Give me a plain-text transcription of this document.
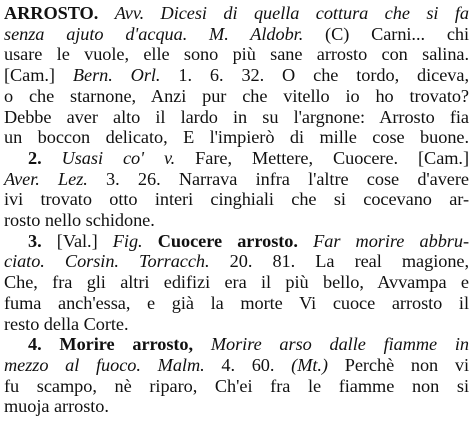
ARROSTO. Avv. Dicesi di quella cottura che si fa
senza ajuto d'acqua. M. Aldobr. (C) Carni... chi
usare le vuole, elle sono più sane arrosto con salina.
[Cam.] Bern. Orl. 1. 6. 32. O che tordo, diceva,
o che starnone, Anzi pur che vitello io ho trovato?
Debbe aver alto il lardo in su l'argnone: Arrosto fia
un boccon delicato, E l'impierò di mille cose buone.
2. Usasi co' v. Fare, Mettere, Cuocere. [Cam.]
Aver. Lez. 3. 26. Narrava infra l'altre cose d'avere
ivi trovato otto interi cinghiali che si cocevano ar-
rosto nello schidone.
3. [Val.] Fig. Cuocere arrosto. Far morire abbru-
ciato. Corsin. Torracch. 20. 81. La real magione,
Che, fra gli altri edifizi era il più bello, Avvampa e
fuma anch'essa, e già la morte Vi cuoce arrosto il
resto della Corte.
4. Morire arrosto, Morire arso dalle fiamme in
mezzo al fuoco. Malm. 4. 60. (Mt.) Perchè non vi
fu scampo, nè riparo, Ch'ei fra le fiamme non si
muoja arrosto.
